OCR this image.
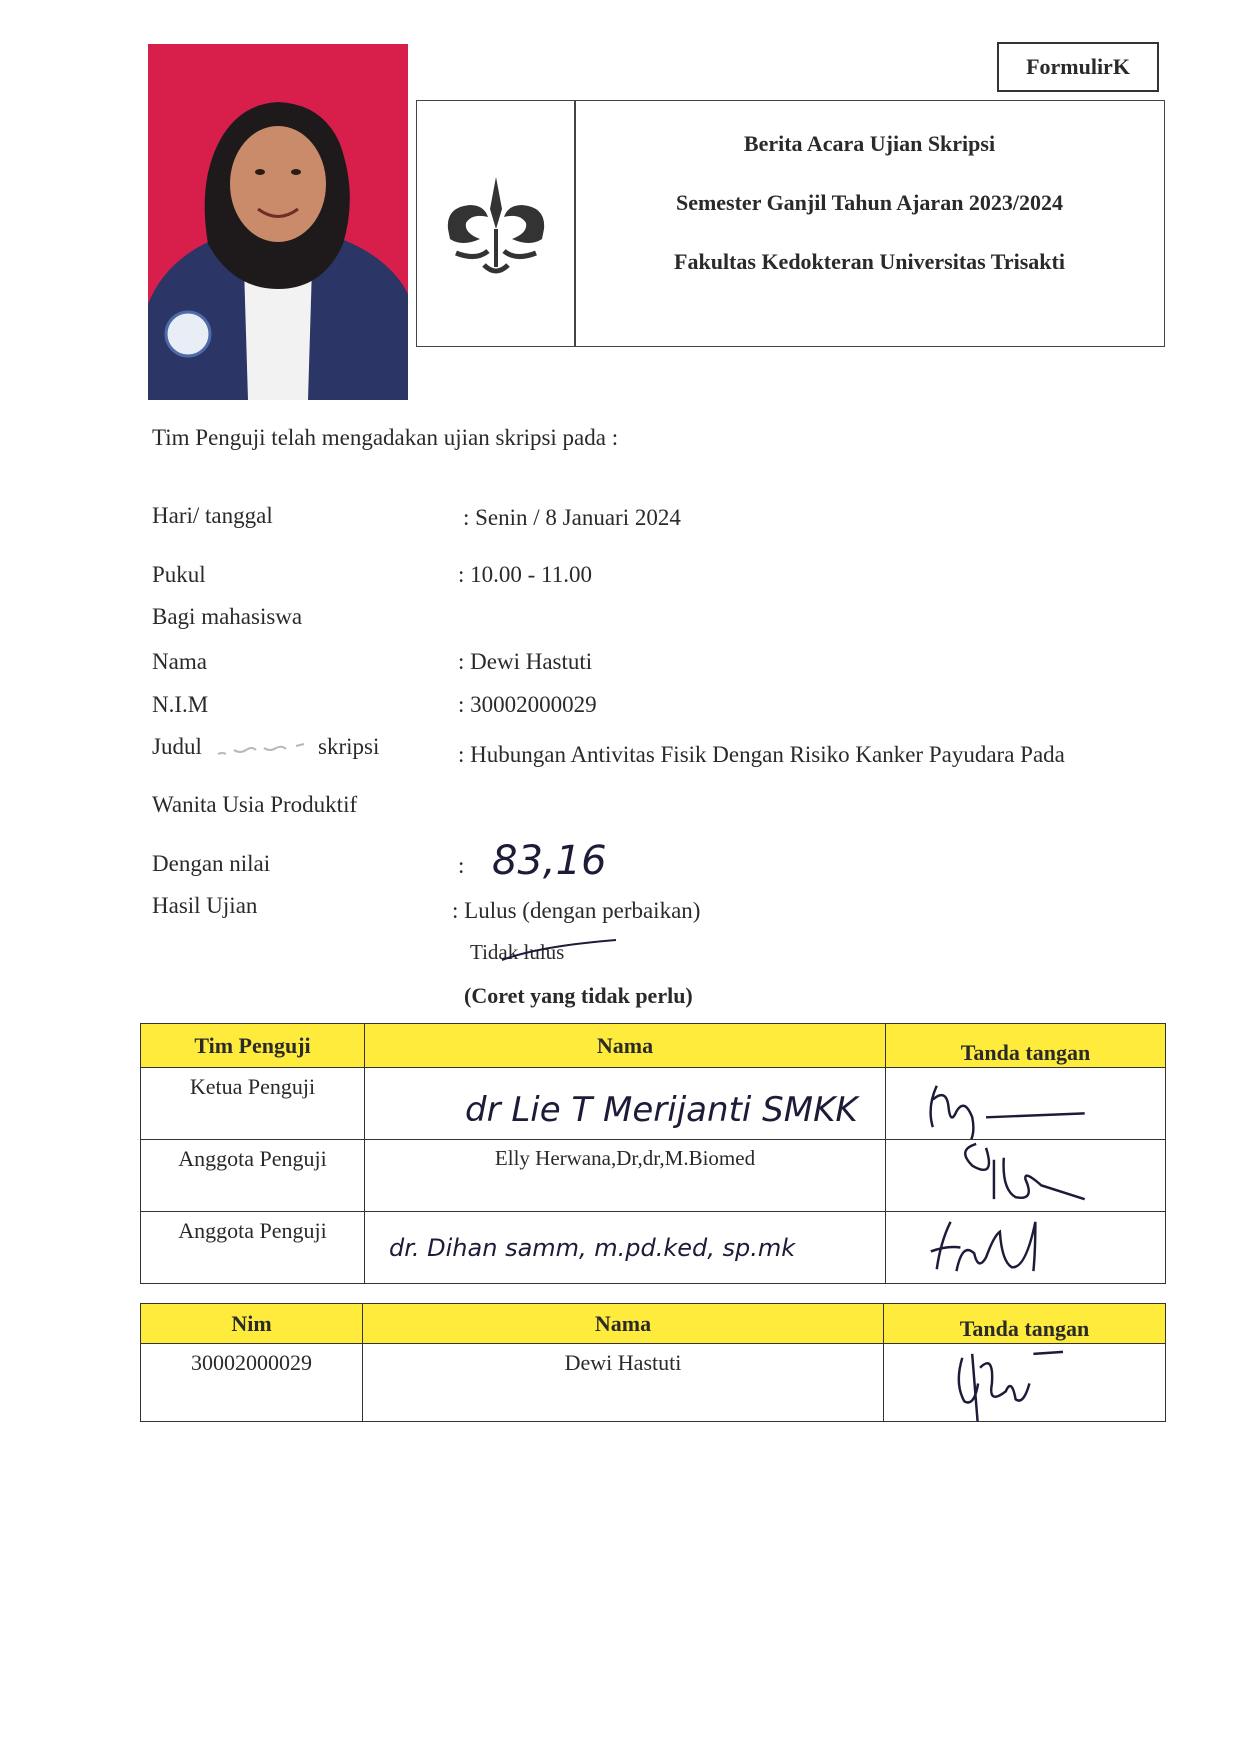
FormulirK
Berita Acara Ujian Skripsi
Semester Ganjil Tahun Ajaran 2023/2024
Fakultas Kedokteran Universitas Trisakti
Tim Penguji telah mengadakan ujian skripsi pada :
Hari/ tanggal	: Senin / 8 Januari 2024
Pukul	: 10.00 - 11.00
Bagi mahasiswa
Nama	: Dewi Hastuti
N.I.M	: 30002000029
Judul	skripsi	: Hubungan Antivitas Fisik Dengan Risiko Kanker Payudara Pada
Wanita Usia Produktif
Dengan nilai	: 83,16
Hasil Ujian	: Lulus (dengan perbaikan)
Tidak lulus
(Coret yang tidak perlu)
Tim Penguji	Nama	Tanda tangan

Ketua Penguji	dr Lie T Merijanti SMKK

Anggota Penguji	Elly Herwana,Dr,dr,M.Biomed

Anggota Penguji	dr. Dihan samm, m.pd.ked, sp.mk

Nim	Nama	Tanda tangan

30002000029	Dewi Hastuti
